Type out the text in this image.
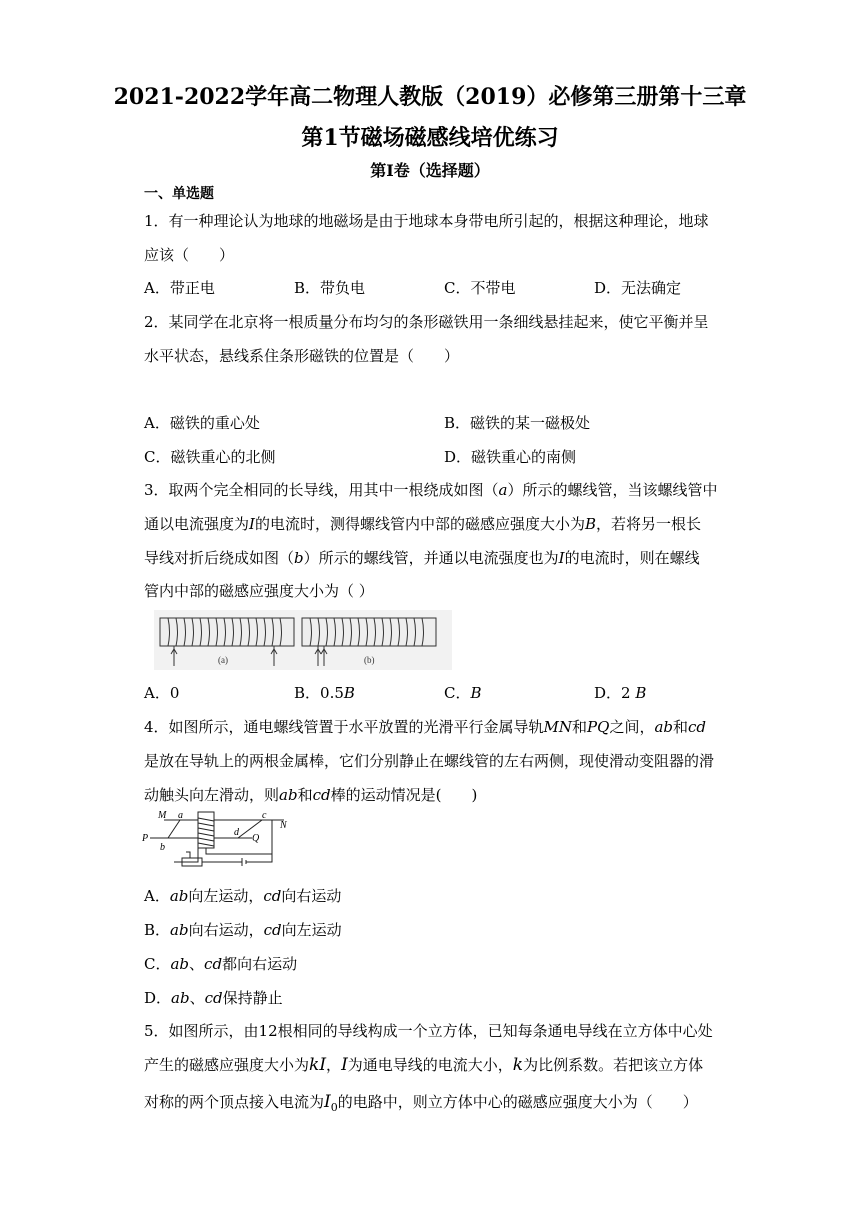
2021-2022学年高二物理人教版（2019）必修第三册第十三章
第1节磁场磁感线培优练习
第Ⅰ卷（选择题）
一、单选题
1．有一种理论认为地球的地磁场是由于地球本身带电所引起的，根据这种理论，地球
应该（　　）
A．带正电	B．带负电	C．不带电	D．无法确定
2．某同学在北京将一根质量分布均匀的条形磁铁用一条细线悬挂起来，使它平衡并呈
水平状态，悬线系住条形磁铁的位置是（　　）
A．磁铁的重心处	B．磁铁的某一磁极处
C．磁铁重心的北侧	D．磁铁重心的南侧
3．取两个完全相同的长导线，用其中一根绕成如图（a）所示的螺线管，当该螺线管中
通以电流强度为I的电流时，测得螺线管内中部的磁感应强度大小为B，若将另一根长
导线对折后绕成如图（b）所示的螺线管，并通以电流强度也为I的电流时，则在螺线
管内中部的磁感应强度大小为（ ）
(a)	(b)
A．0	B．0.5B	C．B	D．2 B
4．如图所示，通电螺线管置于水平放置的光滑平行金属导轨MN和PQ之间，ab和cd
是放在导轨上的两根金属棒，它们分别静止在螺线管的左右两侧，现使滑动变阻器的滑
动触头向左滑动，则ab和cd棒的运动情况是(　　)
M a
P
b
c
N
d
Q
A．ab向左运动，cd向右运动
B．ab向右运动，cd向左运动
C．ab、cd都向右运动
D．ab、cd保持静止
5．如图所示，由12根相同的导线构成一个立方体，已知每条通电导线在立方体中心处
产生的磁感应强度大小为kI，I为通电导线的电流大小，k为比例系数。若把该立方体
对称的两个顶点接入电流为$I_0$的电路中，则立方体中心的磁感应强度大小为（　　）
